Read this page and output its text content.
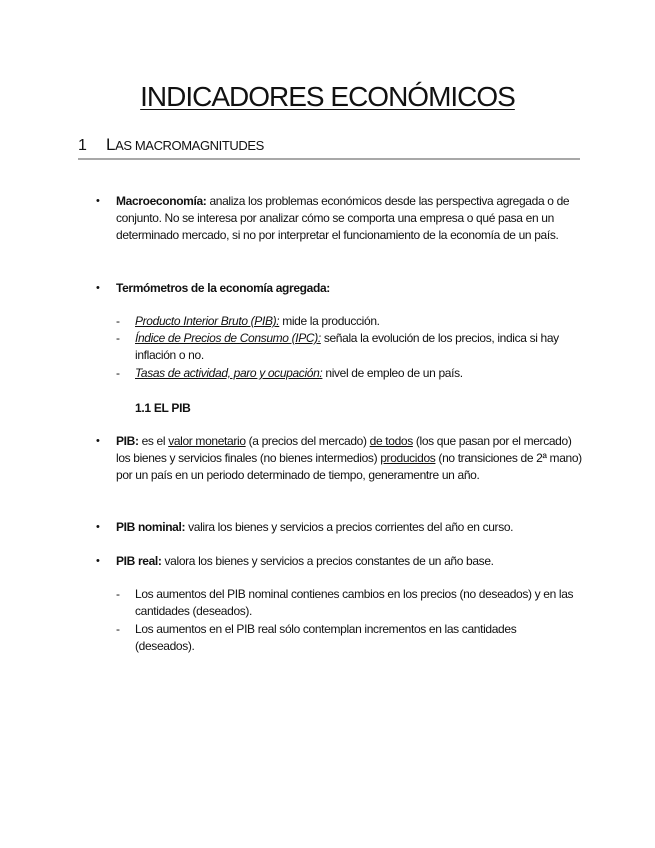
INDICADORES ECONÓMICOS
1 LAS MACROMAGNITUDES
• Macroeconomía: analiza los problemas económicos desde las perspectiva agregada o de conjunto. No se interesa por analizar cómo se comporta una empresa o qué pasa en un determinado mercado, si no por interpretar el funcionamiento de la economía de un país.
• Termómetros de la economía agregada:
- Producto Interior Bruto (PIB): mide la producción.
- Índice de Precios de Consumo (IPC): señala la evolución de los precios, indica si hay inflación o no.
- Tasas de actividad, paro y ocupación: nivel de empleo de un país.
1.1 EL PIB
• PIB: es el valor monetario (a precios del mercado) de todos (los que pasan por el mercado) los bienes y servicios finales (no bienes intermedios) producidos (no transiciones de 2ª mano) por un país en un periodo determinado de tiempo, generamentre un año.
• PIB nominal: valira los bienes y servicios a precios corrientes del año en curso.
• PIB real: valora los bienes y servicios a precios constantes de un año base.
- Los aumentos del PIB nominal contienes cambios en los precios (no deseados) y en las cantidades (deseados).
- Los aumentos en el PIB real sólo contemplan incrementos en las cantidades (deseados).
